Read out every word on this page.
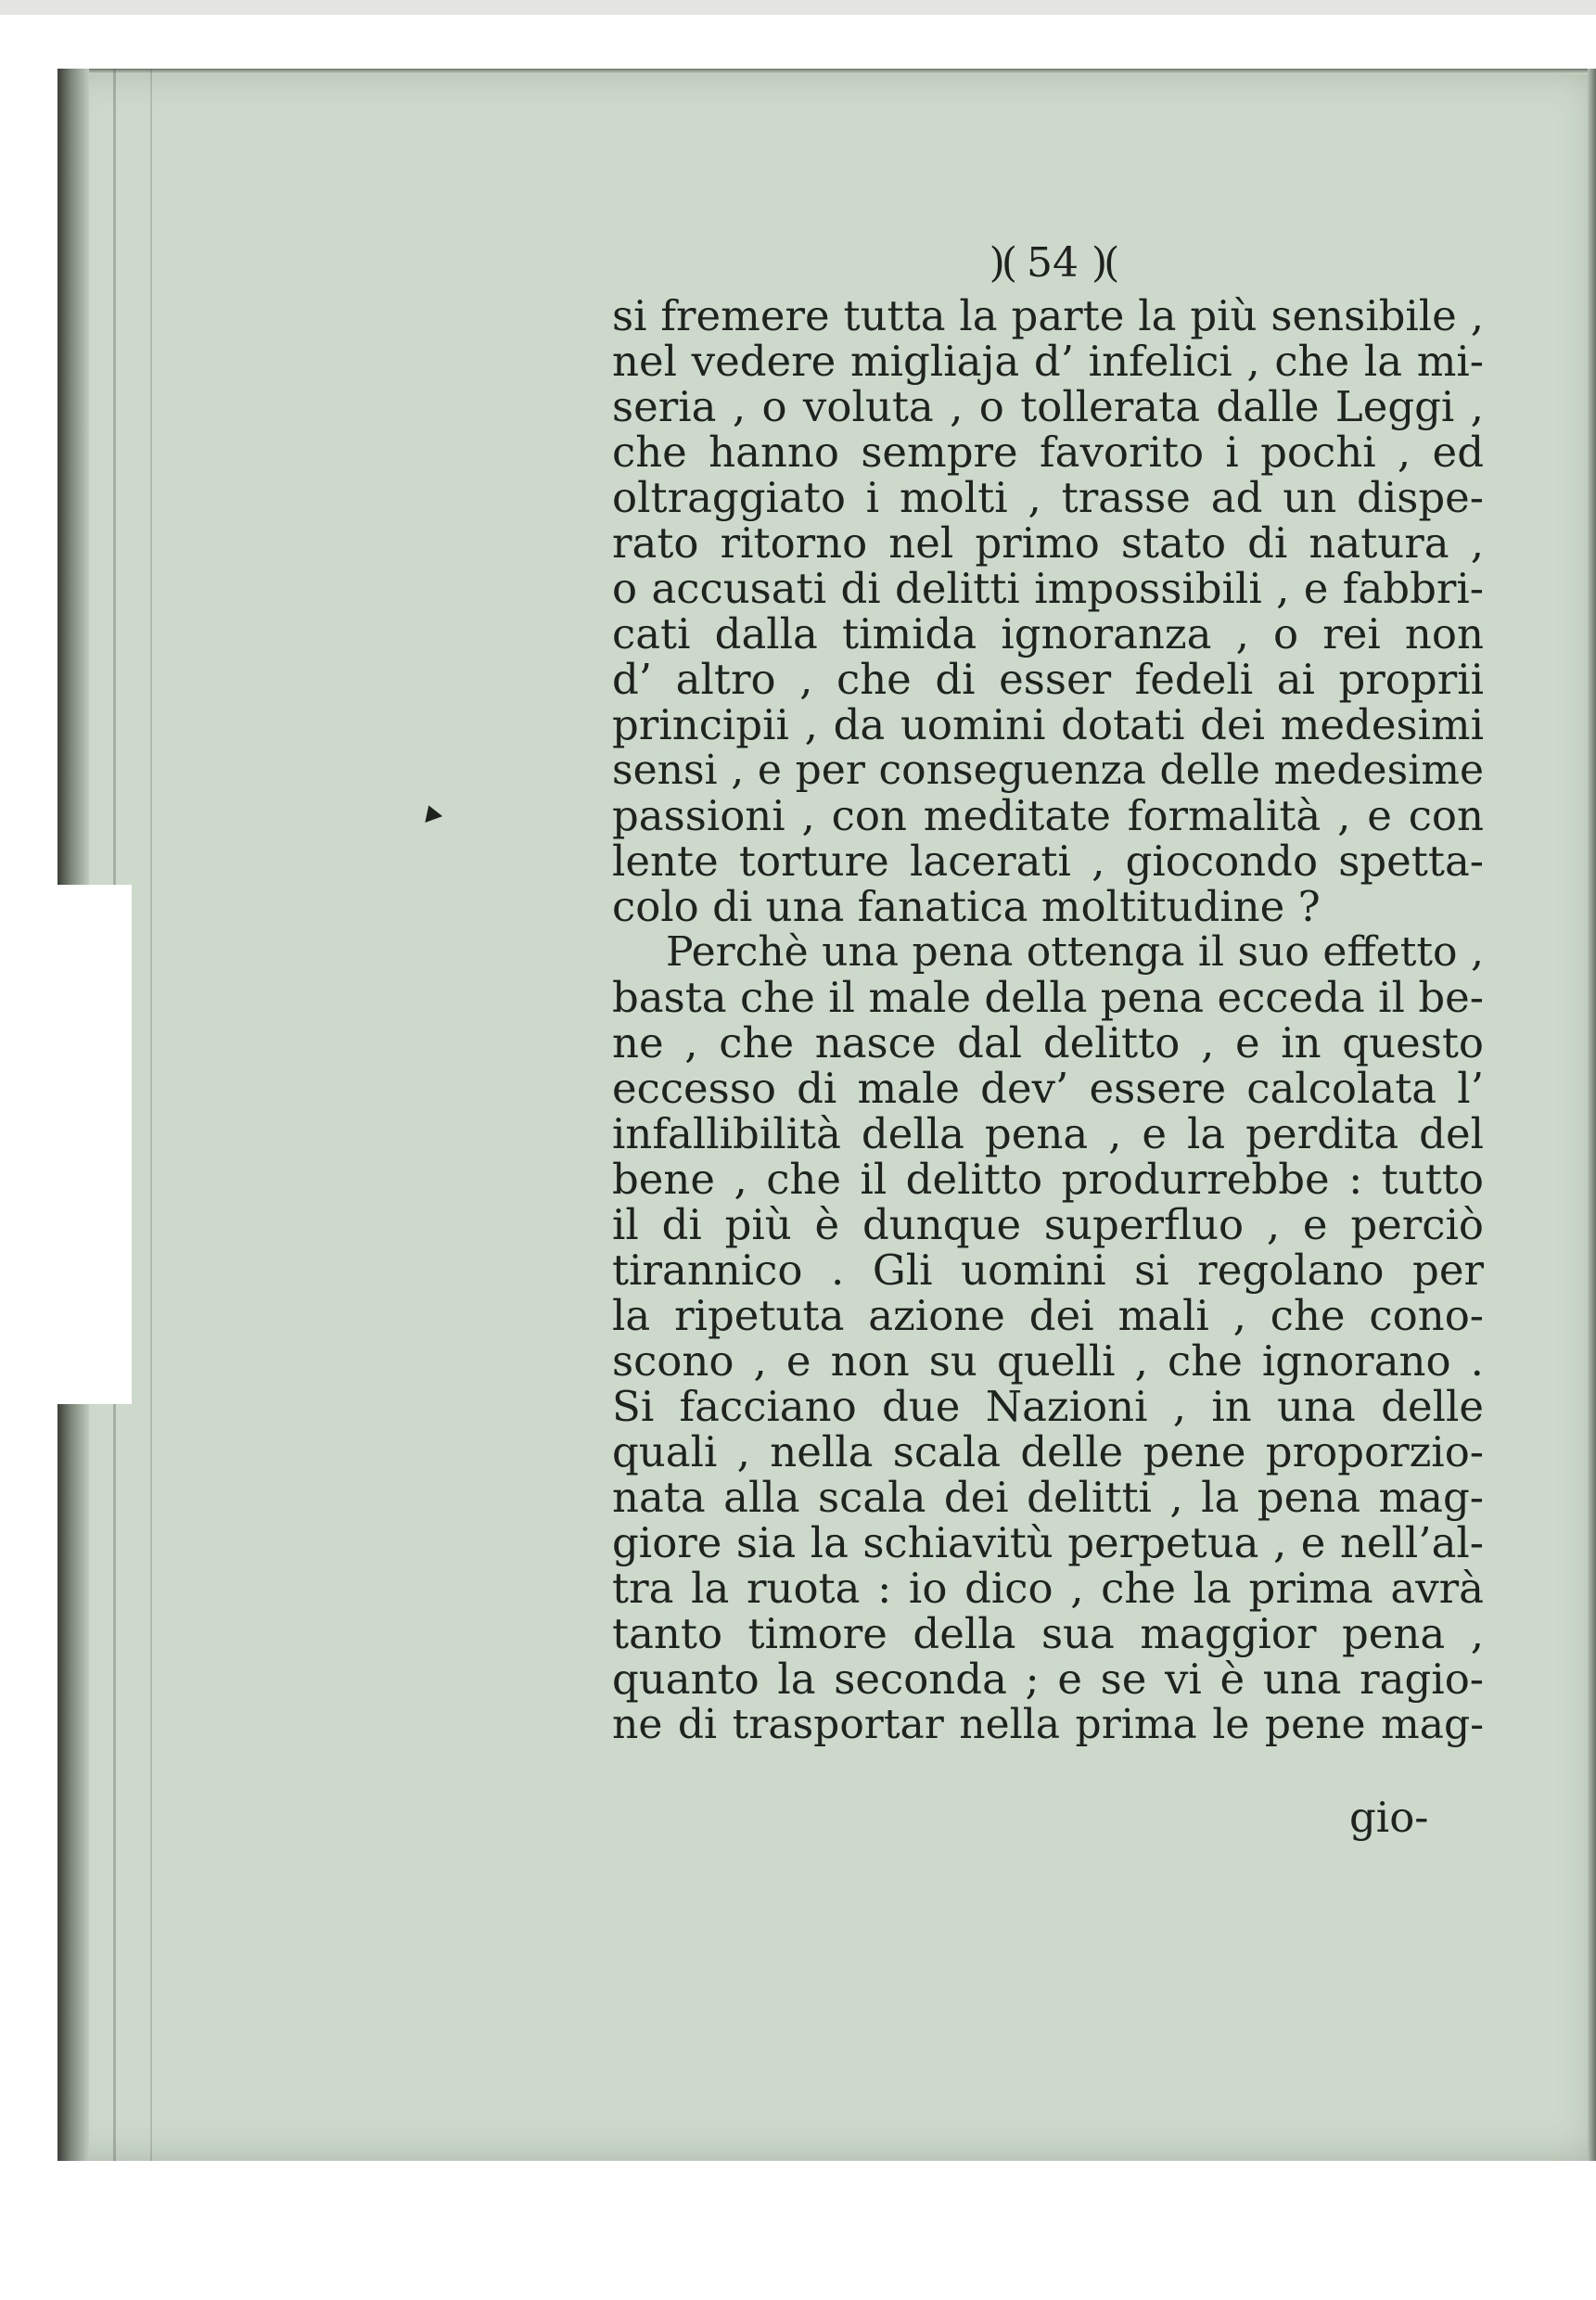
)( 54 )(
si fremere tutta la parte la più sensibile ,
nel vedere migliaja d’ infelici , che la mi-
seria , o voluta , o tollerata dalle Leggi ,
che hanno sempre favorito i pochi , ed
oltraggiato i molti , trasse ad un dispe-
rato ritorno nel primo stato di natura ,
o accusati di delitti impossibili , e fabbri-
cati dalla timida ignoranza , o rei non
d’ altro , che di esser fedeli ai proprii
principii , da uomini dotati dei medesimi
sensi , e per conseguenza delle medesime
passioni , con meditate formalità , e con
lente torture lacerati , giocondo spetta-
colo di una fanatica moltitudine ?
Perchè una pena ottenga il suo effetto ,
basta che il male della pena ecceda il be-
ne , che nasce dal delitto , e in questo
eccesso di male dev’ essere calcolata l’
infallibilità della pena , e la perdita del
bene , che il delitto produrrebbe : tutto
il di più è dunque superfluo , e perciò
tirannico . Gli uomini si regolano per
la ripetuta azione dei mali , che cono-
scono , e non su quelli , che ignorano .
Si facciano due Nazioni , in una delle
quali , nella scala delle pene proporzio-
nata alla scala dei delitti , la pena mag-
giore sia la schiavitù perpetua , e nell’al-
tra la ruota : io dico , che la prima avrà
tanto timore della sua maggior pena ,
quanto la seconda ; e se vi è una ragio-
ne di trasportar nella prima le pene mag-
gio-
